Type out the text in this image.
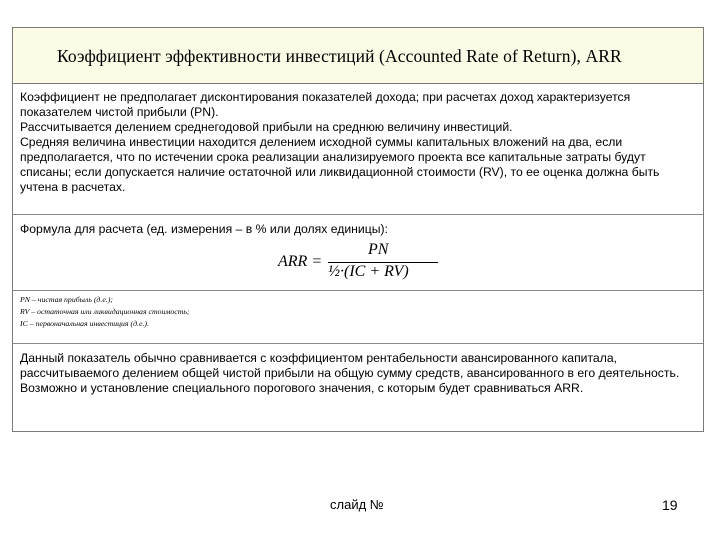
Коэффициент эффективности инвестиций (Accounted Rate of Return), ARR

Коэффициент не предполагает дисконтирования показателей дохода; при расчетах доход характеризуется показателем чистой прибыли (PN).

Рассчитывается делением среднегодовой прибыли на среднюю величину инвестиций.

Средняя величина инвестиции находится делением исходной суммы капитальных вложений на два, если предполагается, что по истечении срока реализации анализируемого проекта все капитальные затраты будут списаны; если допускается наличие остаточной или ликвидационной стоимости (RV), то ее оценка должна быть учтена в расчетах.

Формула для расчета (ед. измерения – в % или долях единицы):

ARR =
PN
½·(IC + RV)

PN – чистая прибыль (д.е.);

RV – остаточная или ликвидационная стоимость;

IC – первоначальная инвестиция (д.е.).

Данный показатель обычно сравнивается с коэффициентом рентабельности авансированного капитала, рассчитываемого делением общей чистой прибыли на общую сумму средств, авансированного в его деятельность. Возможно и установление специального порогового значения, с которым будет сравниваться ARR.

слайд №	19
